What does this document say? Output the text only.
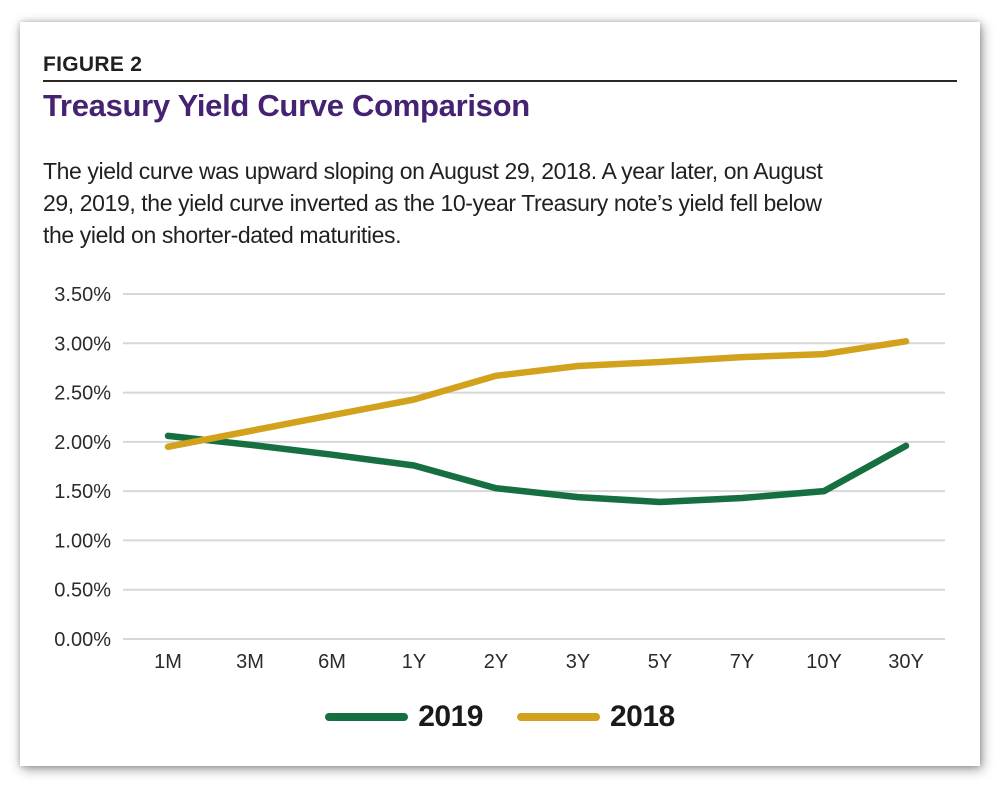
FIGURE 2
Treasury Yield Curve Comparison
The yield curve was upward sloping on August 29, 2018. A year later, on August
29, 2019, the yield curve inverted as the 10-year Treasury note’s yield fell below
the yield on shorter-dated maturities.
3.50%
3.00%
2.50%
2.00%
1.50%
1.00%
0.50%
0.00%
1M	3M	6M	1Y	2Y	3Y	5Y	7Y	10Y 30Y
2019	2018
